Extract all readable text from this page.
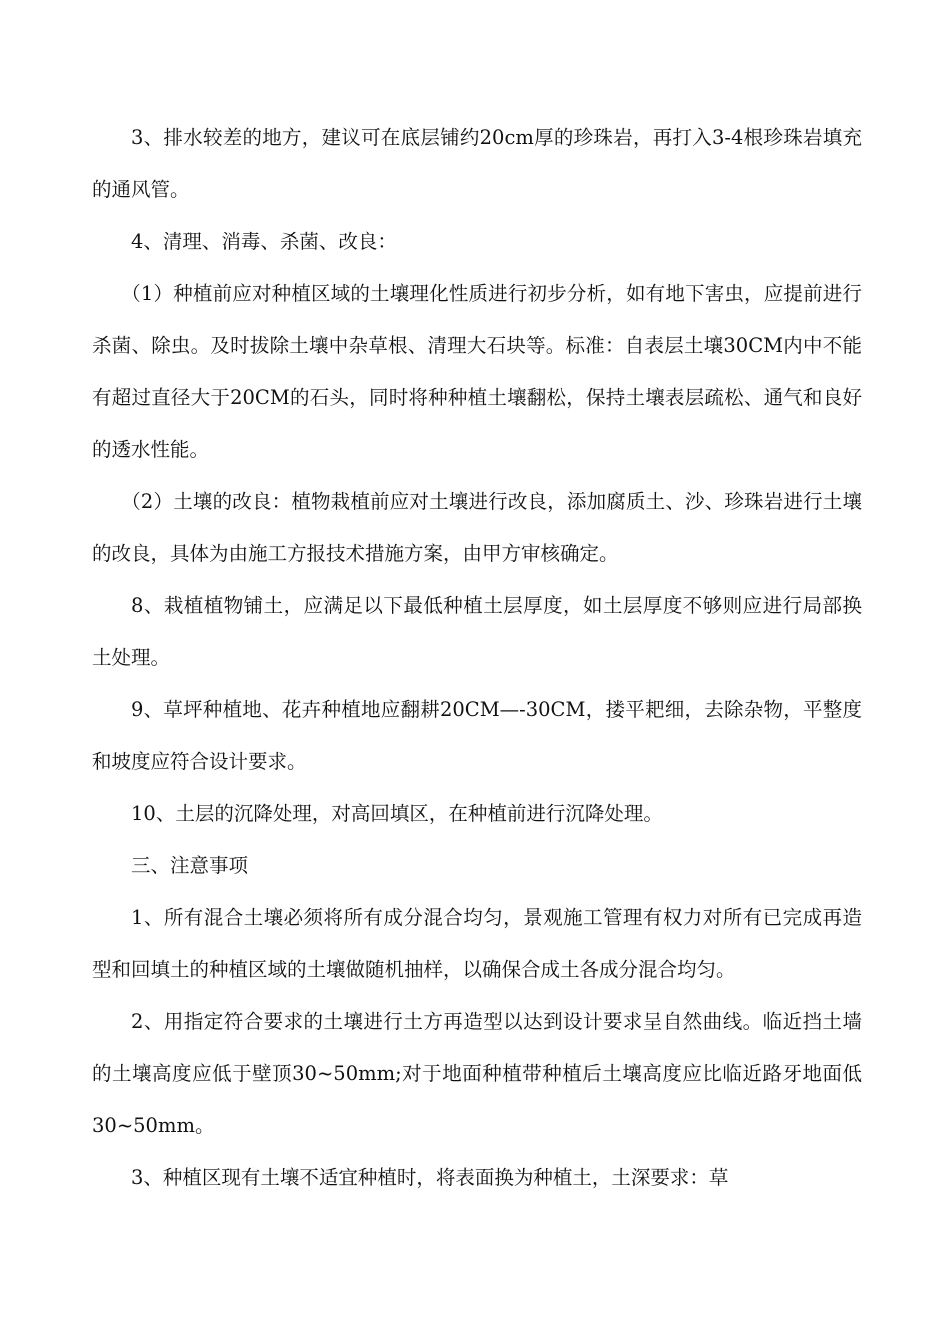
3、排水较差的地方，建议可在底层铺约20cm厚的珍珠岩，再打入3-4根珍珠岩填充的通风管。

4、清理、消毒、杀菌、改良：

（1）种植前应对种植区域的土壤理化性质进行初步分析，如有地下害虫，应提前进行杀菌、除虫。及时拔除土壤中杂草根、清理大石块等。标准：自表层土壤30CM内中不能有超过直径大于20CM的石头，同时将种种植土壤翻松，保持土壤表层疏松、通气和良好的透水性能。

（2）土壤的改良：植物栽植前应对土壤进行改良，添加腐质土、沙、珍珠岩进行土壤的改良，具体为由施工方报技术措施方案，由甲方审核确定。

8、栽植植物铺土，应满足以下最低种植土层厚度，如土层厚度不够则应进行局部换土处理。

9、草坪种植地、花卉种植地应翻耕20CM—-30CM，搂平耙细，去除杂物，平整度和坡度应符合设计要求。

10、土层的沉降处理，对高回填区，在种植前进行沉降处理。

三、注意事项

1、所有混合土壤必须将所有成分混合均匀，景观施工管理有权力对所有已完成再造型和回填土的种植区域的土壤做随机抽样，以确保合成土各成分混合均匀。

2、用指定符合要求的土壤进行土方再造型以达到设计要求呈自然曲线。临近挡土墙的土壤高度应低于壁顶30~50mm;对于地面种植带种植后土壤高度应比临近路牙地面低30~50mm。

3、种植区现有土壤不适宜种植时，将表面换为种植土，土深要求：草
